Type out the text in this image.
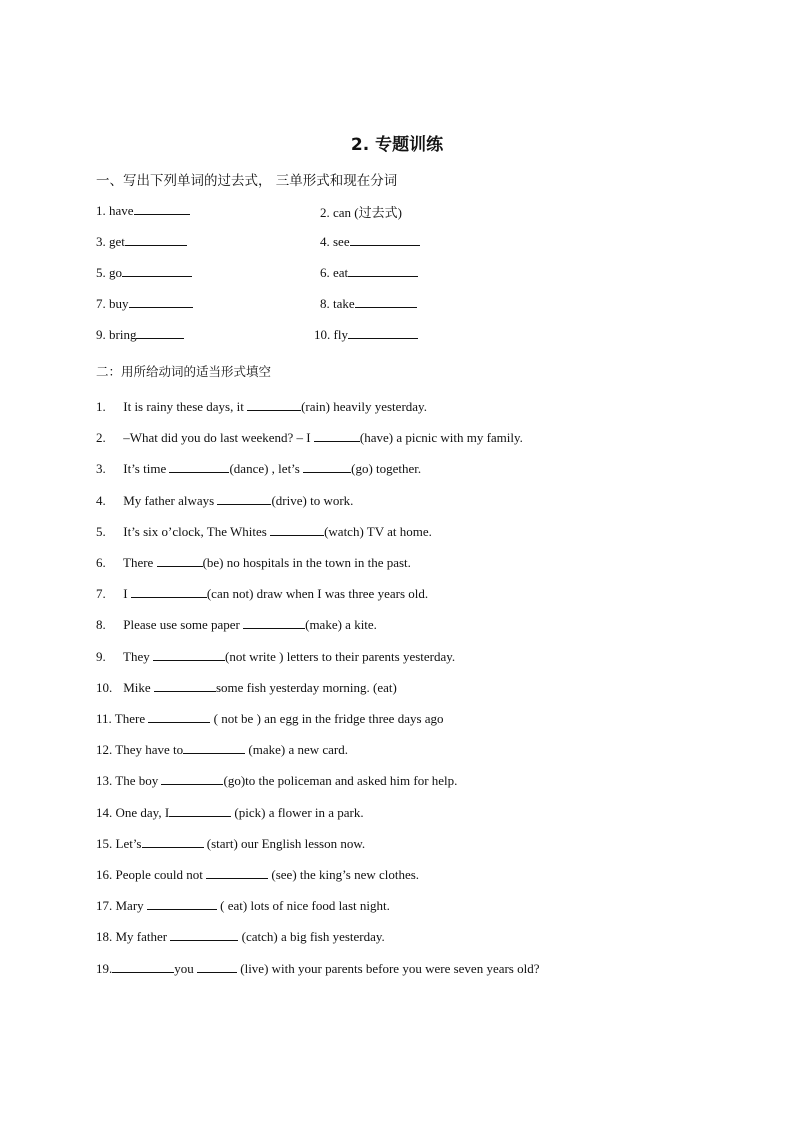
2. 专题训练
一、写出下列单词的过去式， 三单形式和现在分词
1. have	2. can (过去式)
3. get	4. see
5. go	6. eat
7. buy	8. take
9. bring	10. fly
二：用所给动词的适当形式填空
1. It is rainy these days, it	(rain) heavily yesterday.
2. –What did you do last weekend? – I	(have) a picnic with my family.
3. It’s time	(dance) , let’s	(go) together.
4. My father always	(drive) to work.
5. It’s six o’clock, The Whites	(watch) TV at home.
6. There	(be) no hospitals in the town in the past.
7. I	(can not) draw when I was three years old.
8. Please use some paper	(make) a kite.
9. They	(not write ) letters to their parents yesterday.
10. Mike	some fish yesterday morning. (eat)
11. There	( not be ) an egg in the fridge three days ago
12. They have to	(make) a new card.
13. The boy	(go)to the policeman and asked him for help.
14. One day, I	(pick) a flower in a park.
15. Let’s	(start) our English lesson now.
16. People could not	(see) the king’s new clothes.
17. Mary	( eat) lots of nice food last night.
18. My father	(catch) a big fish yesterday.
19.	you	(live) with your parents before you were seven years old?
